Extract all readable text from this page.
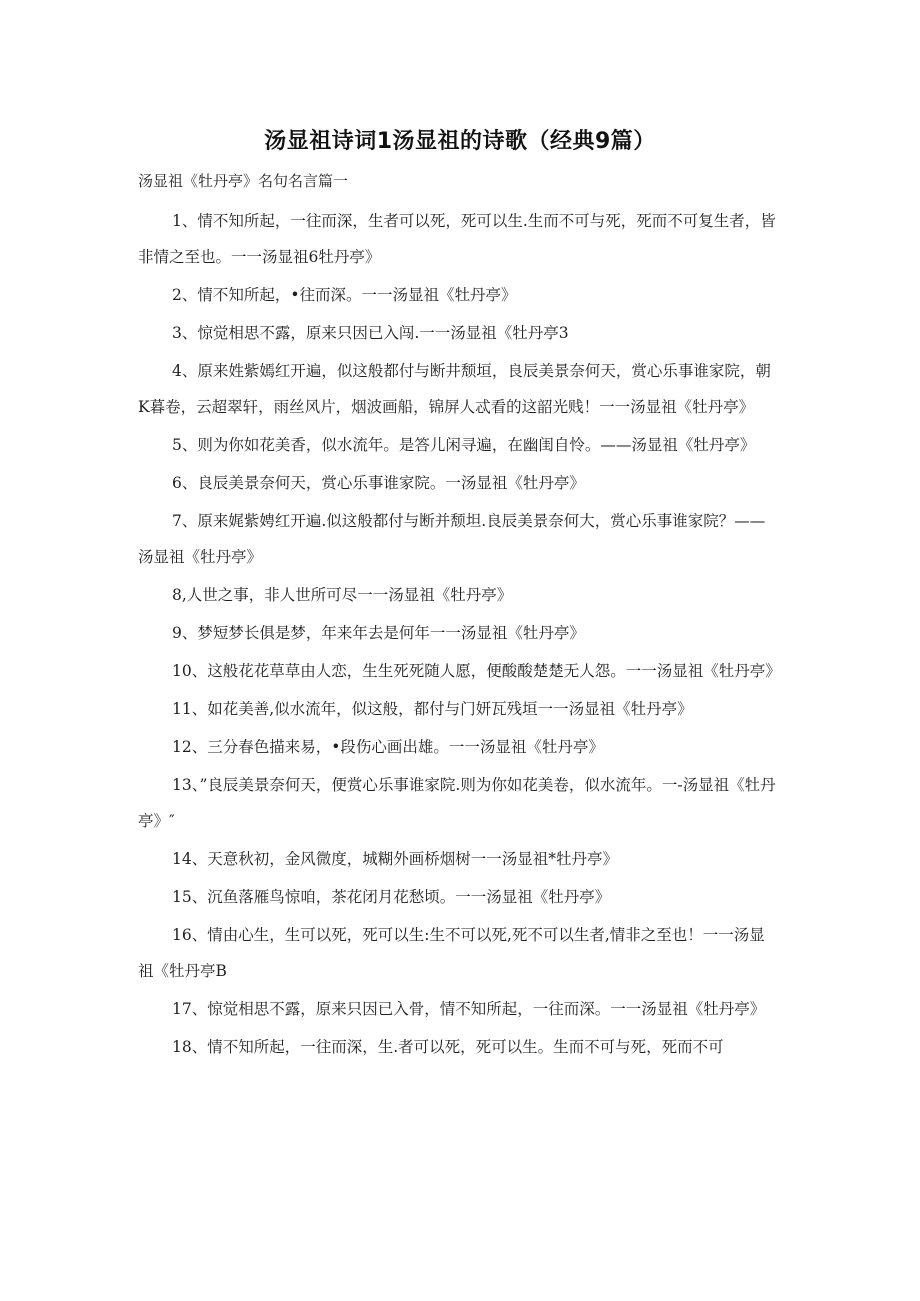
汤显祖诗词1汤显祖的诗歌（经典9篇）
汤显祖《牡丹亭》名句名言篇一

1、情不知所起，一往而深，生者可以死，死可以生.生而不可与死，死而不可复生者，皆非情之至也。一一汤显祖6牡丹亭》

2、情不知所起，•往而深。一一汤显祖《牡丹亭》

3、惊觉相思不露，原来只因已入闯.一一汤显祖《牡丹亭3

4、原来姓紫嫣红开遍，似这般都付与断井颓垣，良辰美景奈何天，赏心乐事谁家院，朝K暮卷，云超翠轩，雨丝风片，烟波画船，锦屏人忒看的这韶光贱！一一汤显祖《牡丹亭》

5、则为你如花美香，似水流年。是答儿闲寻遍，在幽闺自怜。——汤显祖《牡丹亭》

6、良辰美景奈何天，赏心乐事谁家院。一汤显祖《牡丹亭》

7、原来娓紫娉红开遍.似这般都付与断并颓坦.良辰美景奈何大，赏心乐事谁家院？——汤显祖《牡丹亭》

8,人世之事，非人世所可尽一一汤显祖《牡丹亭》

9、梦短梦长俱是梦，年来年去是何年一一汤显祖《牡丹亭》

10、这般花花草草由人恋，生生死死随人愿，便酸酸楚楚无人怨。一一汤显祖《牡丹亭》

11、如花美善,似水流年，似这般，都付与门妍瓦残垣一一汤显祖《牡丹亭》

12、三分春色描来易，•段伤心画出雄。一一汤显祖《牡丹亭》

13、”良辰美景奈何天，便赏心乐事谁家院.则为你如花美卷，似水流年。一-汤显祖《牡丹亭》″

14、天意秋初，金风微度，城糊外画桥烟树一一汤显祖*牡丹亭》

15、沉鱼落雁鸟惊咱，茶花闭月花愁顷。一一汤显祖《牡丹亭》

16、情由心生，生可以死，死可以生:生不可以死,死不可以生者,情非之至也！一一汤显祖《牡丹亭B

17、惊觉相思不露，原来只因已入骨，情不知所起，一往而深。一一汤显祖《牡丹亭》

18、情不知所起，一往而深，生.者可以死，死可以生。生而不可与死，死而不可
